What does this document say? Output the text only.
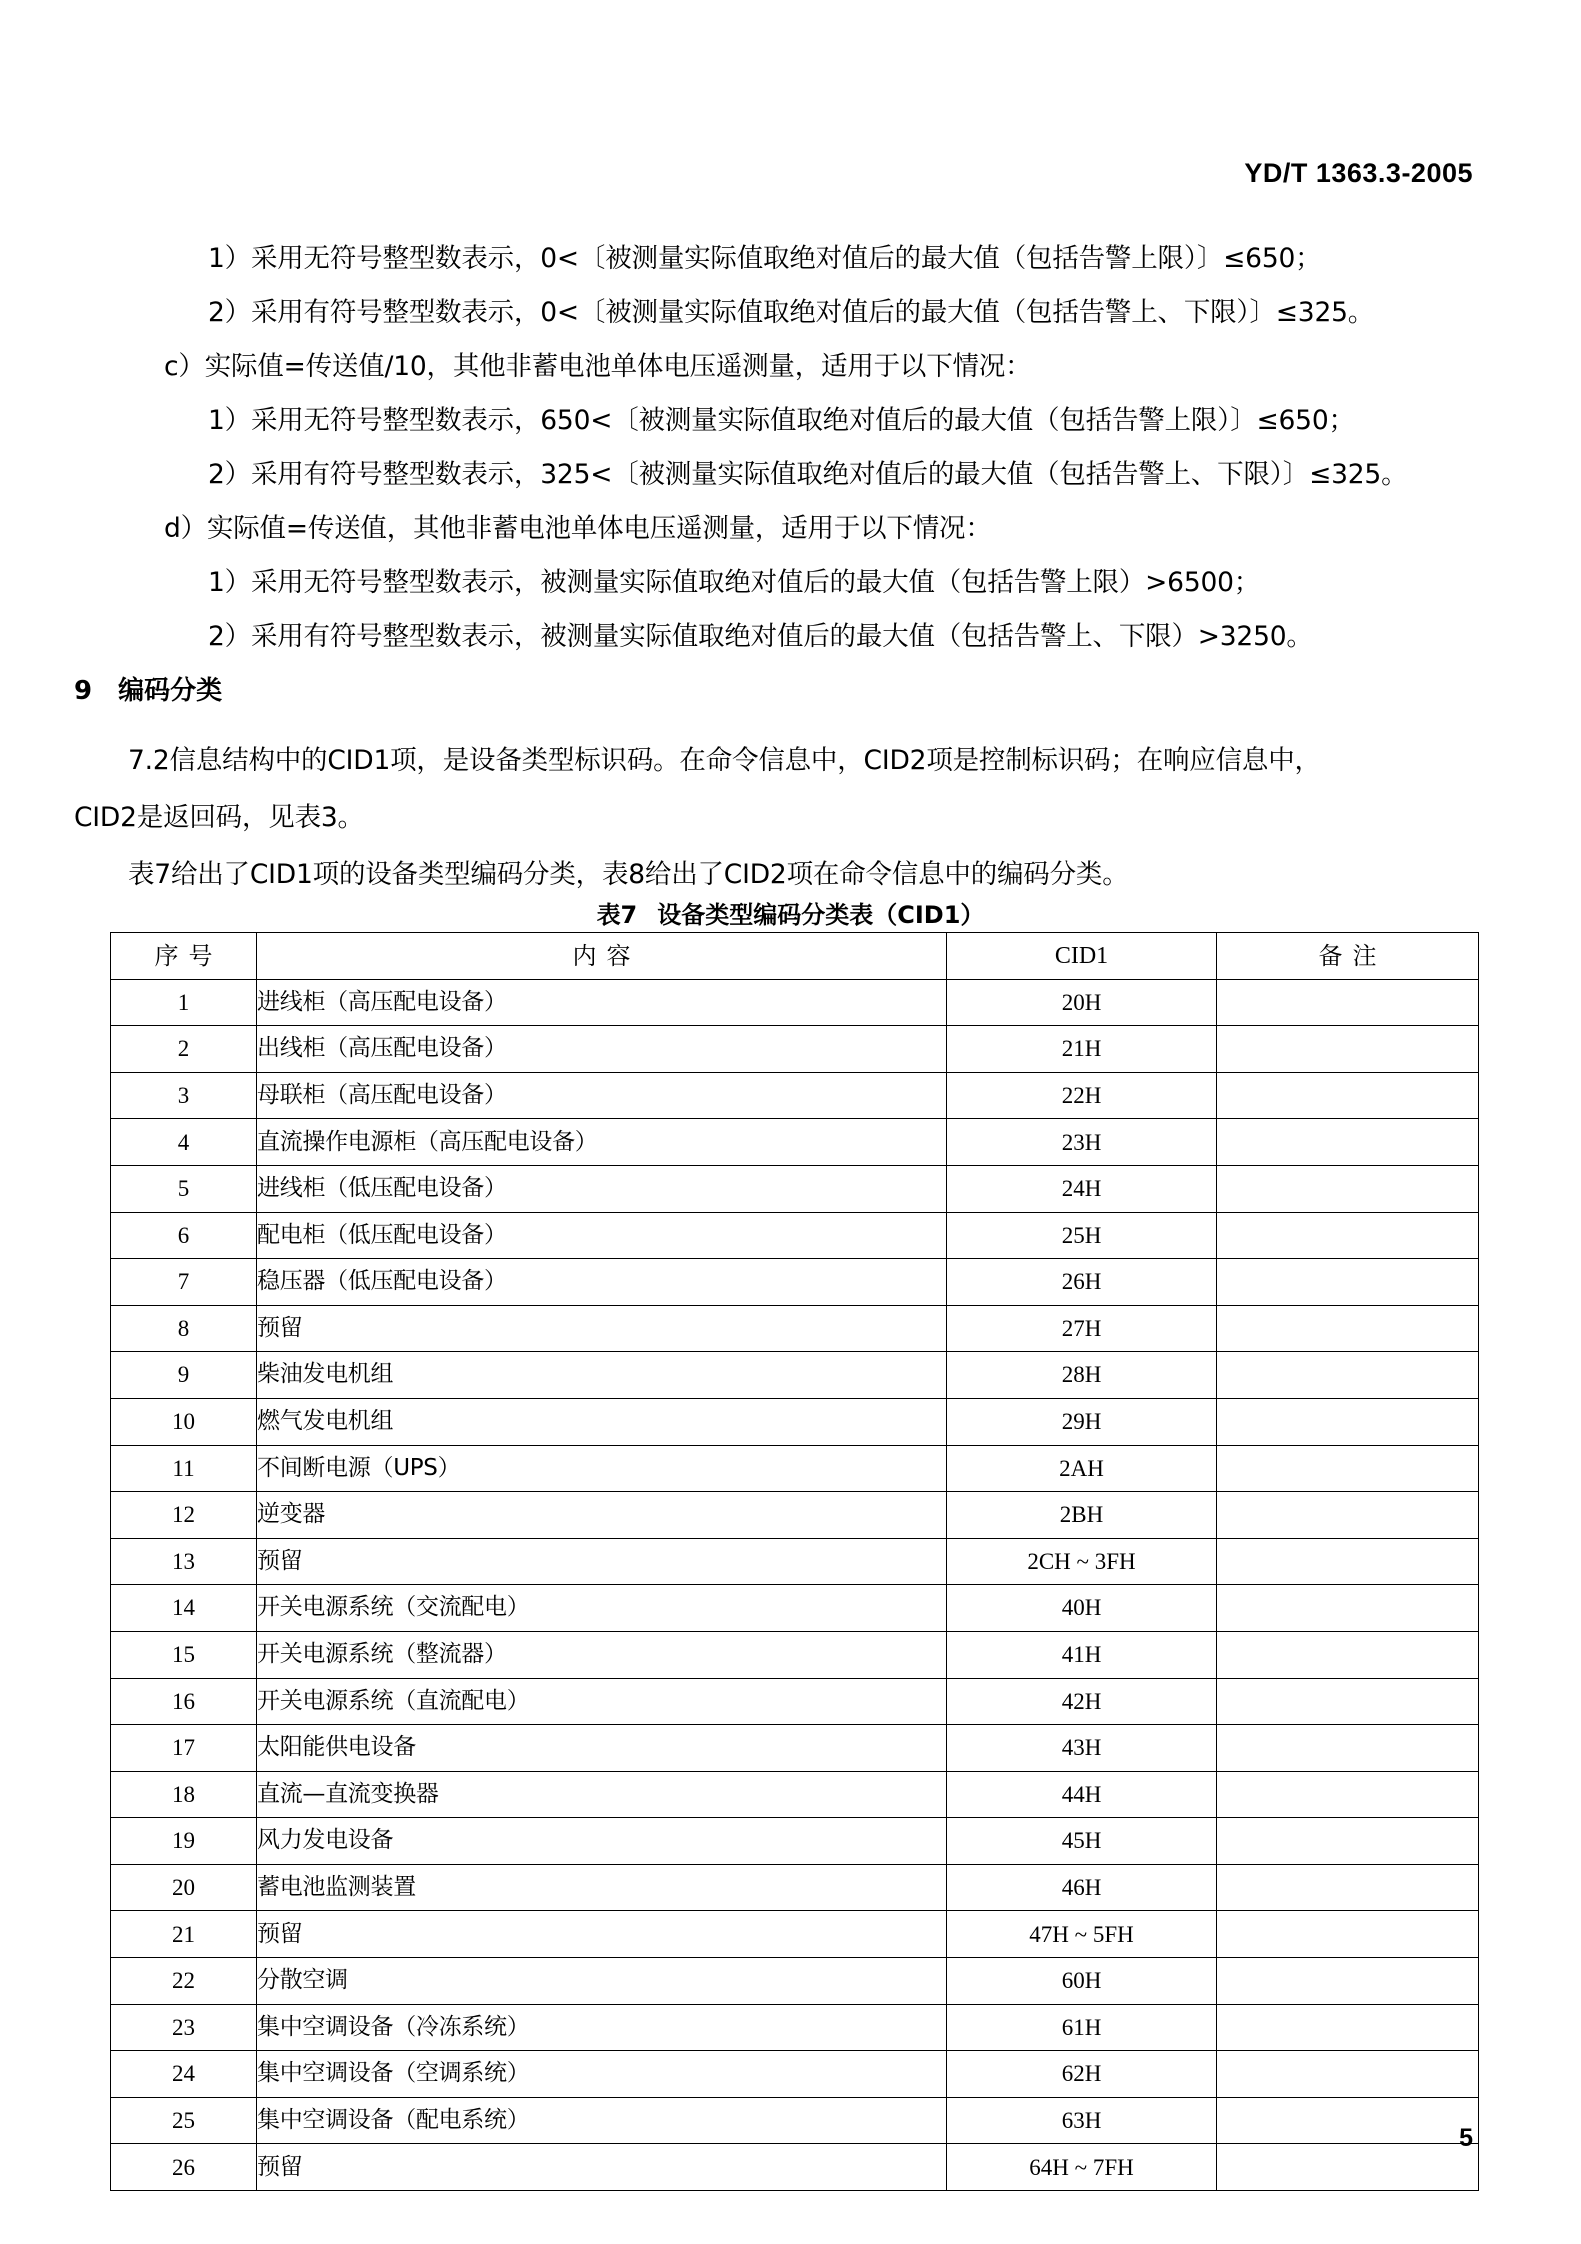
YD/T 1363.3-2005
1）采用无符号整型数表示，0<〔被测量实际值取绝对值后的最大值（包括告警上限）〕≤650；
2）采用有符号整型数表示，0<〔被测量实际值取绝对值后的最大值（包括告警上、下限）〕≤325。
c）实际值=传送值/10，其他非蓄电池单体电压遥测量，适用于以下情况：
1）采用无符号整型数表示，650<〔被测量实际值取绝对值后的最大值（包括告警上限）〕≤650；
2）采用有符号整型数表示，325<〔被测量实际值取绝对值后的最大值（包括告警上、下限）〕≤325。
d）实际值=传送值，其他非蓄电池单体电压遥测量，适用于以下情况：
1）采用无符号整型数表示，被测量实际值取绝对值后的最大值（包括告警上限）>6500；
2）采用有符号整型数表示，被测量实际值取绝对值后的最大值（包括告警上、下限）>3250。
9 编码分类

7.2信息结构中的CID1项，是设备类型标识码。在命令信息中，CID2项是控制标识码；在响应信息中，

CID2是返回码，见表3。

表7给出了CID1项的设备类型编码分类，表8给出了CID2项在命令信息中的编码分类。

表7 设备类型编码分类表（CID1）
序号	内容	CID1	备注
1	进线柜（高压配电设备）	20H	
2	出线柜（高压配电设备）	21H	
3	母联柜（高压配电设备）	22H	
4	直流操作电源柜（高压配电设备）	23H	
5	进线柜（低压配电设备）	24H	
6	配电柜（低压配电设备）	25H	
7	稳压器（低压配电设备）	26H	
8	预留	27H	
9	柴油发电机组	28H	
10	燃气发电机组	29H	
11	不间断电源（UPS）	2AH	
12	逆变器	2BH	
13	预留	2CH ~ 3FH	
14	开关电源系统（交流配电）	40H	
15	开关电源系统（整流器）	41H	
16	开关电源系统（直流配电）	42H	
17	太阳能供电设备	43H	
18	直流—直流变换器	44H	
19	风力发电设备	45H	
20	蓄电池监测装置	46H	
21	预留	47H ~ 5FH	
22	分散空调	60H	
23	集中空调设备（冷冻系统）	61H	
24	集中空调设备（空调系统）	62H	
25	集中空调设备（配电系统）	63H	
26	预留	64H ~ 7FH	
5
